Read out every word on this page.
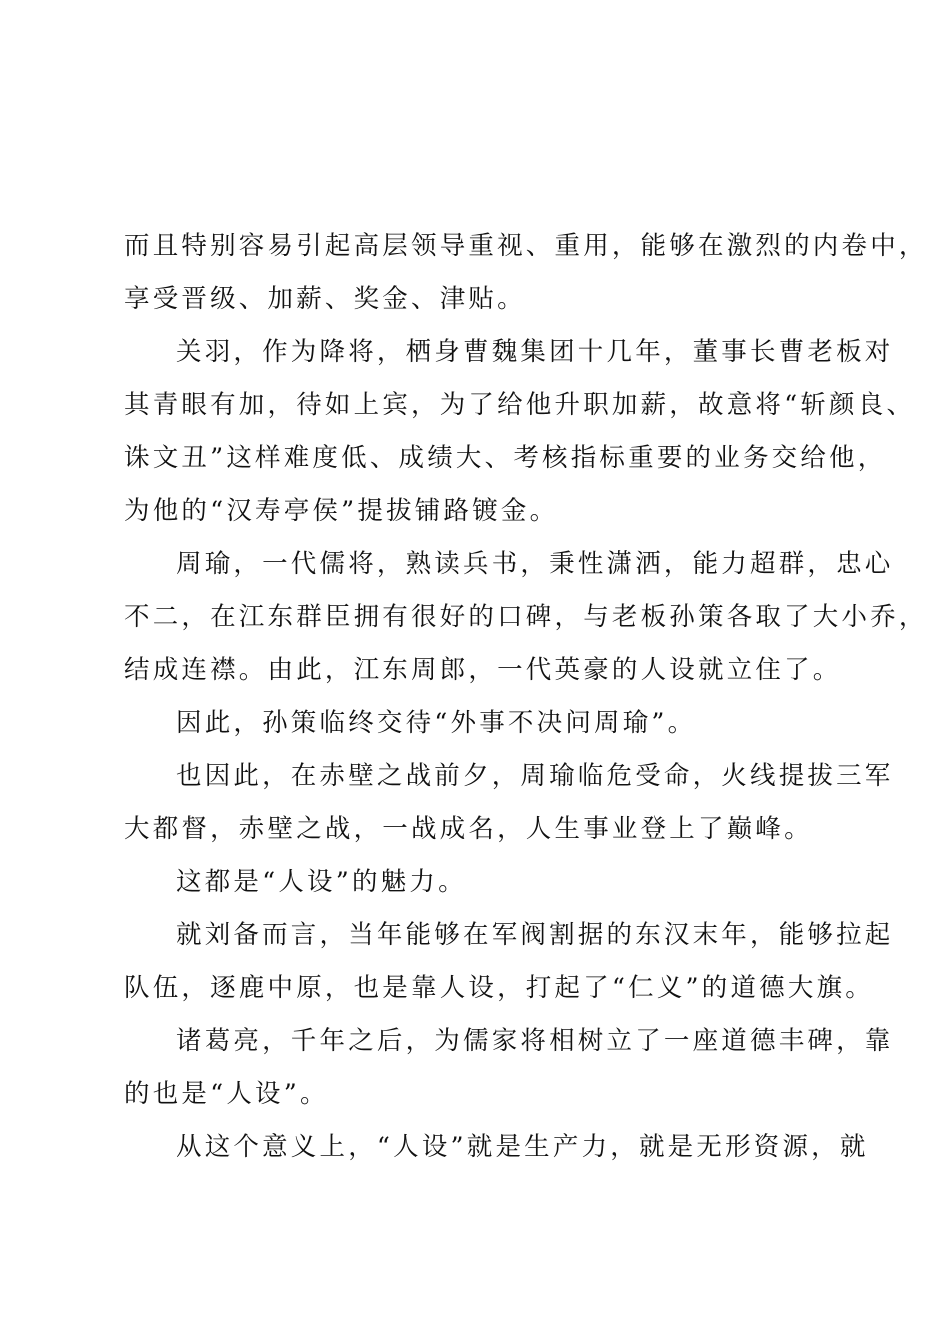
而且特别容易引起高层领导重视、重用，能够在激烈的内卷中，
享受晋级、加薪、奖金、津贴。
关羽，作为降将，栖身曹魏集团十几年，董事长曹老板对
其青眼有加，待如上宾，为了给他升职加薪，故意将“斩颜良、
诛文丑”这样难度低、成绩大、考核指标重要的业务交给他，
为他的“汉寿亭侯”提拔铺路镀金。
周瑜，一代儒将，熟读兵书，秉性潇洒，能力超群，忠心
不二，在江东群臣拥有很好的口碑，与老板孙策各取了大小乔，
结成连襟。由此，江东周郎，一代英豪的人设就立住了。
因此，孙策临终交待“外事不决问周瑜”。
也因此，在赤壁之战前夕，周瑜临危受命，火线提拔三军
大都督，赤壁之战，一战成名，人生事业登上了巅峰。
这都是“人设”的魅力。
就刘备而言，当年能够在军阀割据的东汉末年，能够拉起
队伍，逐鹿中原，也是靠人设，打起了“仁义”的道德大旗。
诸葛亮，千年之后，为儒家将相树立了一座道德丰碑，靠
的也是“人设”。
从这个意义上，“人设”就是生产力，就是无形资源，就
